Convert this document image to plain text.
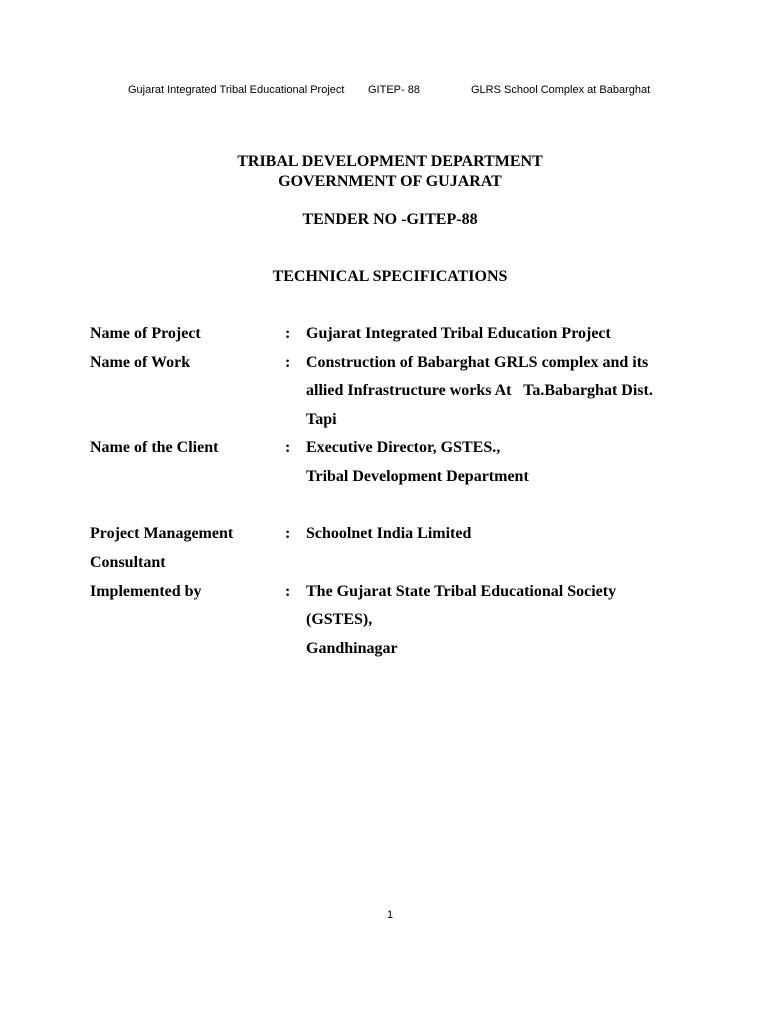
Gujarat Integrated Tribal Educational Project

GITEP- 88

	GLRS School Complex at Babarghat

TRIBAL DEVELOPMENT DEPARTMENT
GOVERNMENT OF GUJARAT
TENDER NO -GITEP-88
TECHNICAL SPECIFICATIONS
Name of Project	: Gujarat Integrated Tribal Education Project
Name of Work	: Construction of Babarghat GRLS complex and its
allied Infrastructure works At   Ta.Babarghat Dist.
Tapi
Name of the Client	: Executive Director, GSTES.,
Tribal Development Department
Project Management	: Schoolnet India Limited
Consultant
Implemented by	: The Gujarat State Tribal Educational Society
(GSTES),
Gandhinagar
1
